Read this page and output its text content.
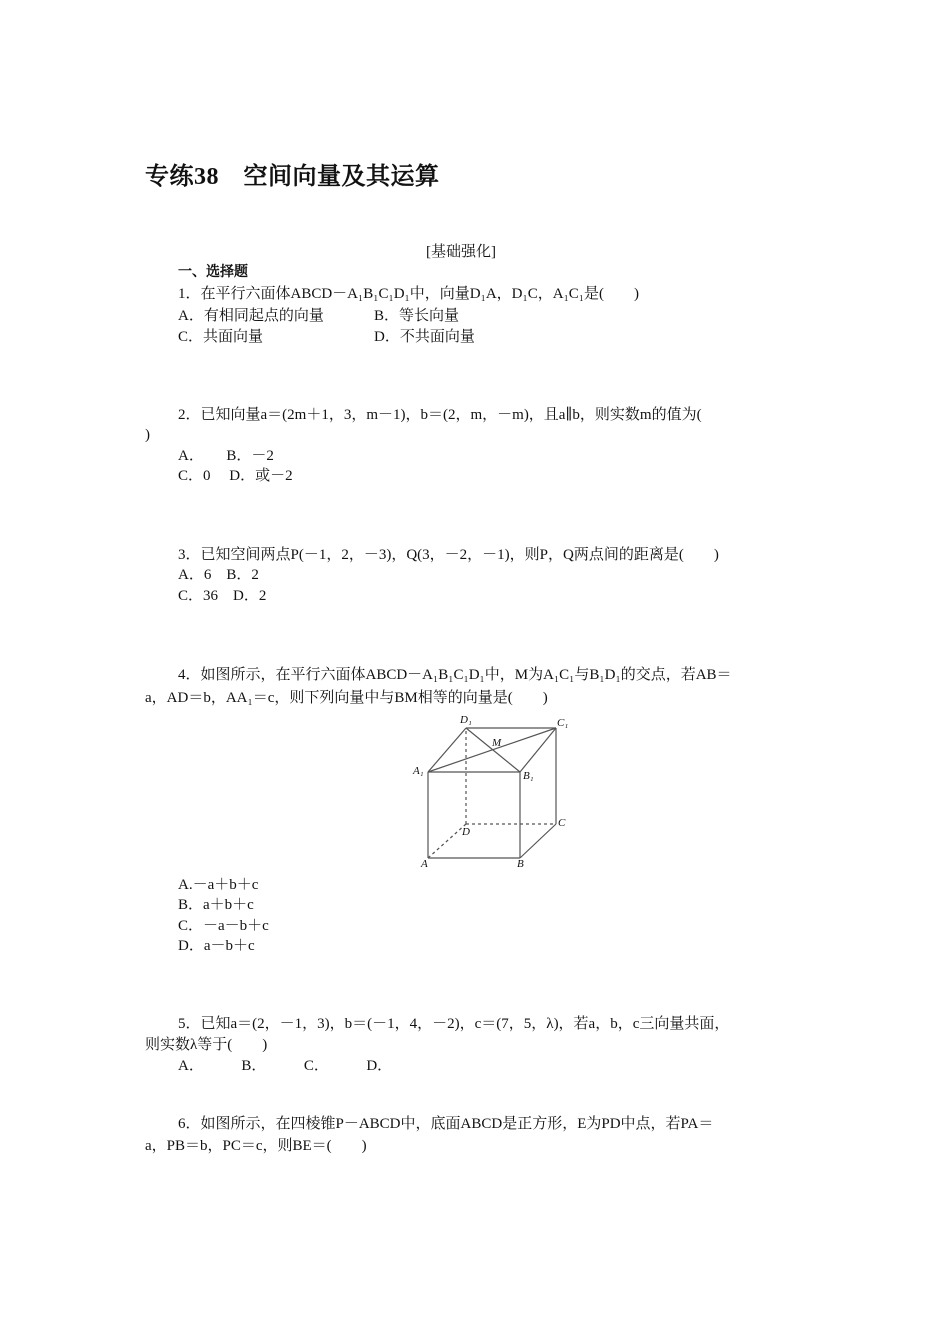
专练38　空间向量及其运算
[基础强化]
一、选择题
1．在平行六面体ABCD－A₁B₁C₁D₁中，向量D₁A，D₁C，A₁C₁是(　　)
A．有相同起点的向量	B．等长向量
C．共面向量	D．不共面向量
2．已知向量a＝(2m＋1，3，m－1)，b＝(2，m，－m)，且a∥b，则实数m的值为(
)
A．　　B．－2
C．0　 D．或－2
3．已知空间两点P(－1，2，－3)，Q(3，－2，－1)，则P，Q两点间的距离是(　　)
A．6　B．2
C．36　D．2
4．如图所示，在平行六面体ABCD－A₁B₁C₁D₁中，M为A₁C₁与B₁D₁的交点，若AB＝
a，AD＝b，AA₁＝c，则下列向量中与BM相等的向量是(　　)
D₁	C₁
M
A₁	B₁
D
C
A	B
A.－a＋b＋c
B．a＋b＋c
C．－a－b＋c
D．a－b＋c
5．已知a＝(2，－1，3)，b＝(－1，4，－2)，c＝(7，5，λ)，若a，b，c三向量共面，
则实数λ等于(　　)
A．　　　B．　　　C．　　　D．
6．如图所示，在四棱锥P－ABCD中，底面ABCD是正方形，E为PD中点，若PA＝
a，PB＝b，PC＝c，则BE＝(　　)
